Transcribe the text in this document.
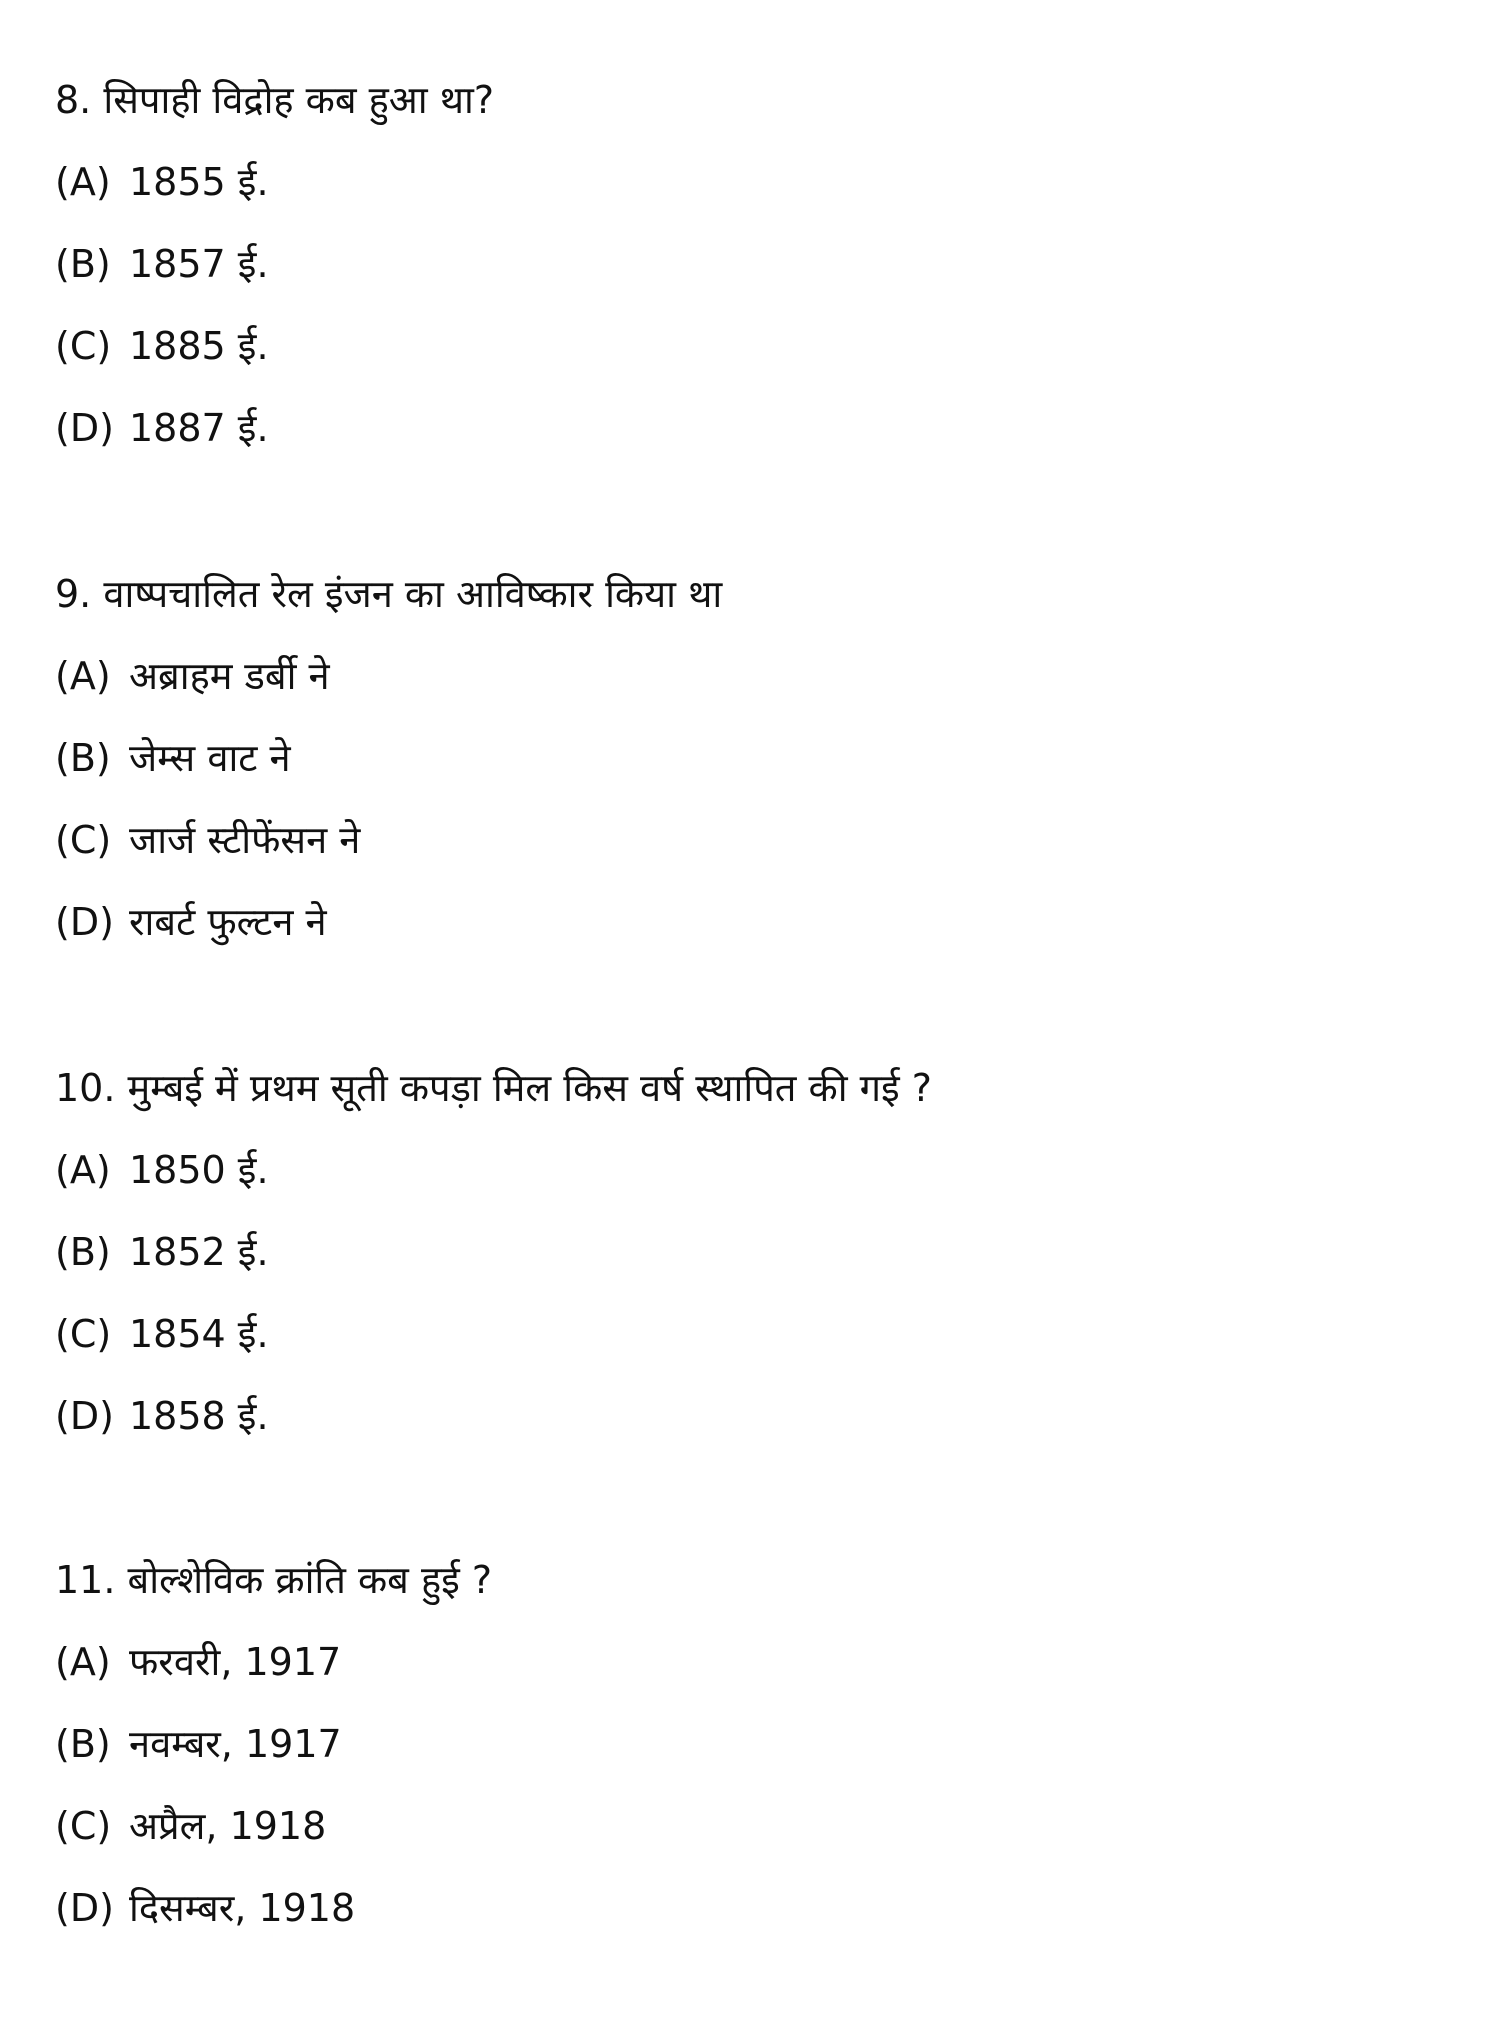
8. सिपाही विद्रोह कब हुआ था?

(A) 1855 ई.
(B) 1857 ई.
(C) 1885 ई.
(D) 1887 ई.

9. वाष्पचालित रेल इंजन का आविष्कार किया था

(A) अब्राहम डर्बी ने
(B) जेम्स वाट ने
(C) जार्ज स्टीफेंसन ने
(D) राबर्ट फुल्टन ने

10. मुम्बई में प्रथम सूती कपड़ा मिल किस वर्ष स्थापित की गई ?

(A) 1850 ई.
(B) 1852 ई.
(C) 1854 ई.
(D) 1858 ई.

11. बोल्शेविक क्रांति कब हुई ?

(A) फरवरी, 1917
(B) नवम्बर, 1917
(C) अप्रैल, 1918
(D) दिसम्बर, 1918
